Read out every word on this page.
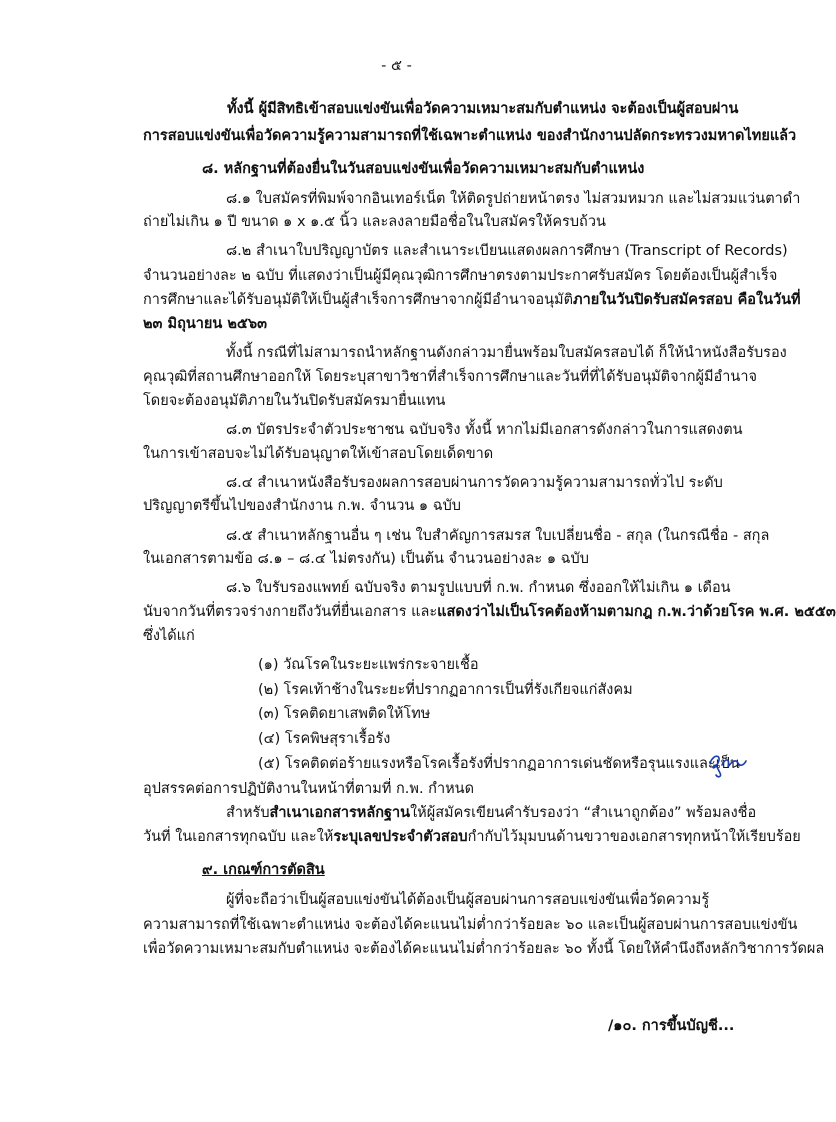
- ๕ -
ทั้งนี้ ผู้มีสิทธิเข้าสอบแข่งขันเพื่อวัดความเหมาะสมกับตำแหน่ง จะต้องเป็นผู้สอบผ่าน
การสอบแข่งขันเพื่อวัดความรู้ความสามารถที่ใช้เฉพาะตำแหน่ง ของสำนักงานปลัดกระทรวงมหาดไทยแล้ว
๘. หลักฐานที่ต้องยื่นในวันสอบแข่งขันเพื่อวัดความเหมาะสมกับตำแหน่ง
๘.๑ ใบสมัครที่พิมพ์จากอินเทอร์เน็ต ให้ติดรูปถ่ายหน้าตรง ไม่สวมหมวก และไม่สวมแว่นตาดำ
ถ่ายไม่เกิน ๑ ปี ขนาด ๑ x ๑.๕ นิ้ว และลงลายมือชื่อในใบสมัครให้ครบถ้วน
๘.๒ สำเนาใบปริญญาบัตร และสำเนาระเบียนแสดงผลการศึกษา (Transcript of Records)
จำนวนอย่างละ ๒ ฉบับ ที่แสดงว่าเป็นผู้มีคุณวุฒิการศึกษาตรงตามประกาศรับสมัคร โดยต้องเป็นผู้สำเร็จ
การศึกษาและได้รับอนุมัติให้เป็นผู้สำเร็จการศึกษาจากผู้มีอำนาจอนุมัติภายในวันปิดรับสมัครสอบ คือในวันที่
๒๓ มิถุนายน ๒๕๖๓
ทั้งนี้ กรณีที่ไม่สามารถนำหลักฐานดังกล่าวมายื่นพร้อมใบสมัครสอบได้ ก็ให้นำหนังสือรับรอง
คุณวุฒิที่สถานศึกษาออกให้ โดยระบุสาขาวิชาที่สำเร็จการศึกษาและวันที่ที่ได้รับอนุมัติจากผู้มีอำนาจ
โดยจะต้องอนุมัติภายในวันปิดรับสมัครมายื่นแทน
๘.๓ บัตรประจำตัวประชาชน ฉบับจริง ทั้งนี้ หากไม่มีเอกสารดังกล่าวในการแสดงตน
ในการเข้าสอบจะไม่ได้รับอนุญาตให้เข้าสอบโดยเด็ดขาด
๘.๔ สำเนาหนังสือรับรองผลการสอบผ่านการวัดความรู้ความสามารถทั่วไป ระดับ
ปริญญาตรีขึ้นไปของสำนักงาน ก.พ. จำนวน ๑ ฉบับ
๘.๕ สำเนาหลักฐานอื่น ๆ เช่น ใบสำคัญการสมรส ใบเปลี่ยนชื่อ - สกุล (ในกรณีชื่อ - สกุล
ในเอกสารตามข้อ ๘.๑ – ๘.๔ ไม่ตรงกัน) เป็นต้น จำนวนอย่างละ ๑ ฉบับ
๘.๖ ใบรับรองแพทย์ ฉบับจริง ตามรูปแบบที่ ก.พ. กำหนด ซึ่งออกให้ไม่เกิน ๑ เดือน
นับจากวันที่ตรวจร่างกายถึงวันที่ยื่นเอกสาร และแสดงว่าไม่เป็นโรคต้องห้ามตามกฎ ก.พ.ว่าด้วยโรค พ.ศ. ๒๕๕๓
ซึ่งได้แก่
(๑) วัณโรคในระยะแพร่กระจายเชื้อ
(๒) โรคเท้าช้างในระยะที่ปรากฏอาการเป็นที่รังเกียจแก่สังคม
(๓) โรคติดยาเสพติดให้โทษ
(๔) โรคพิษสุราเรื้อรัง
(๕) โรคติดต่อร้ายแรงหรือโรคเรื้อรังที่ปรากฏอาการเด่นชัดหรือรุนแรงและเป็น
อุปสรรคต่อการปฏิบัติงานในหน้าที่ตามที่ ก.พ. กำหนด
สำหรับสำเนาเอกสารหลักฐานให้ผู้สมัครเขียนคำรับรองว่า “สำเนาถูกต้อง” พร้อมลงชื่อ
วันที่ ในเอกสารทุกฉบับ และให้ระบุเลขประจำตัวสอบกำกับไว้มุมบนด้านขวาของเอกสารทุกหน้าให้เรียบร้อย
๙. เกณฑ์การตัดสิน
ผู้ที่จะถือว่าเป็นผู้สอบแข่งขันได้ต้องเป็นผู้สอบผ่านการสอบแข่งขันเพื่อวัดความรู้
ความสามารถที่ใช้เฉพาะตำแหน่ง จะต้องได้คะแนนไม่ต่ำกว่าร้อยละ ๖๐ และเป็นผู้สอบผ่านการสอบแข่งขัน
เพื่อวัดความเหมาะสมกับตำแหน่ง จะต้องได้คะแนนไม่ต่ำกว่าร้อยละ ๖๐ ทั้งนี้ โดยให้คำนึงถึงหลักวิชาการวัดผล
/๑๐. การขึ้นบัญชี...
